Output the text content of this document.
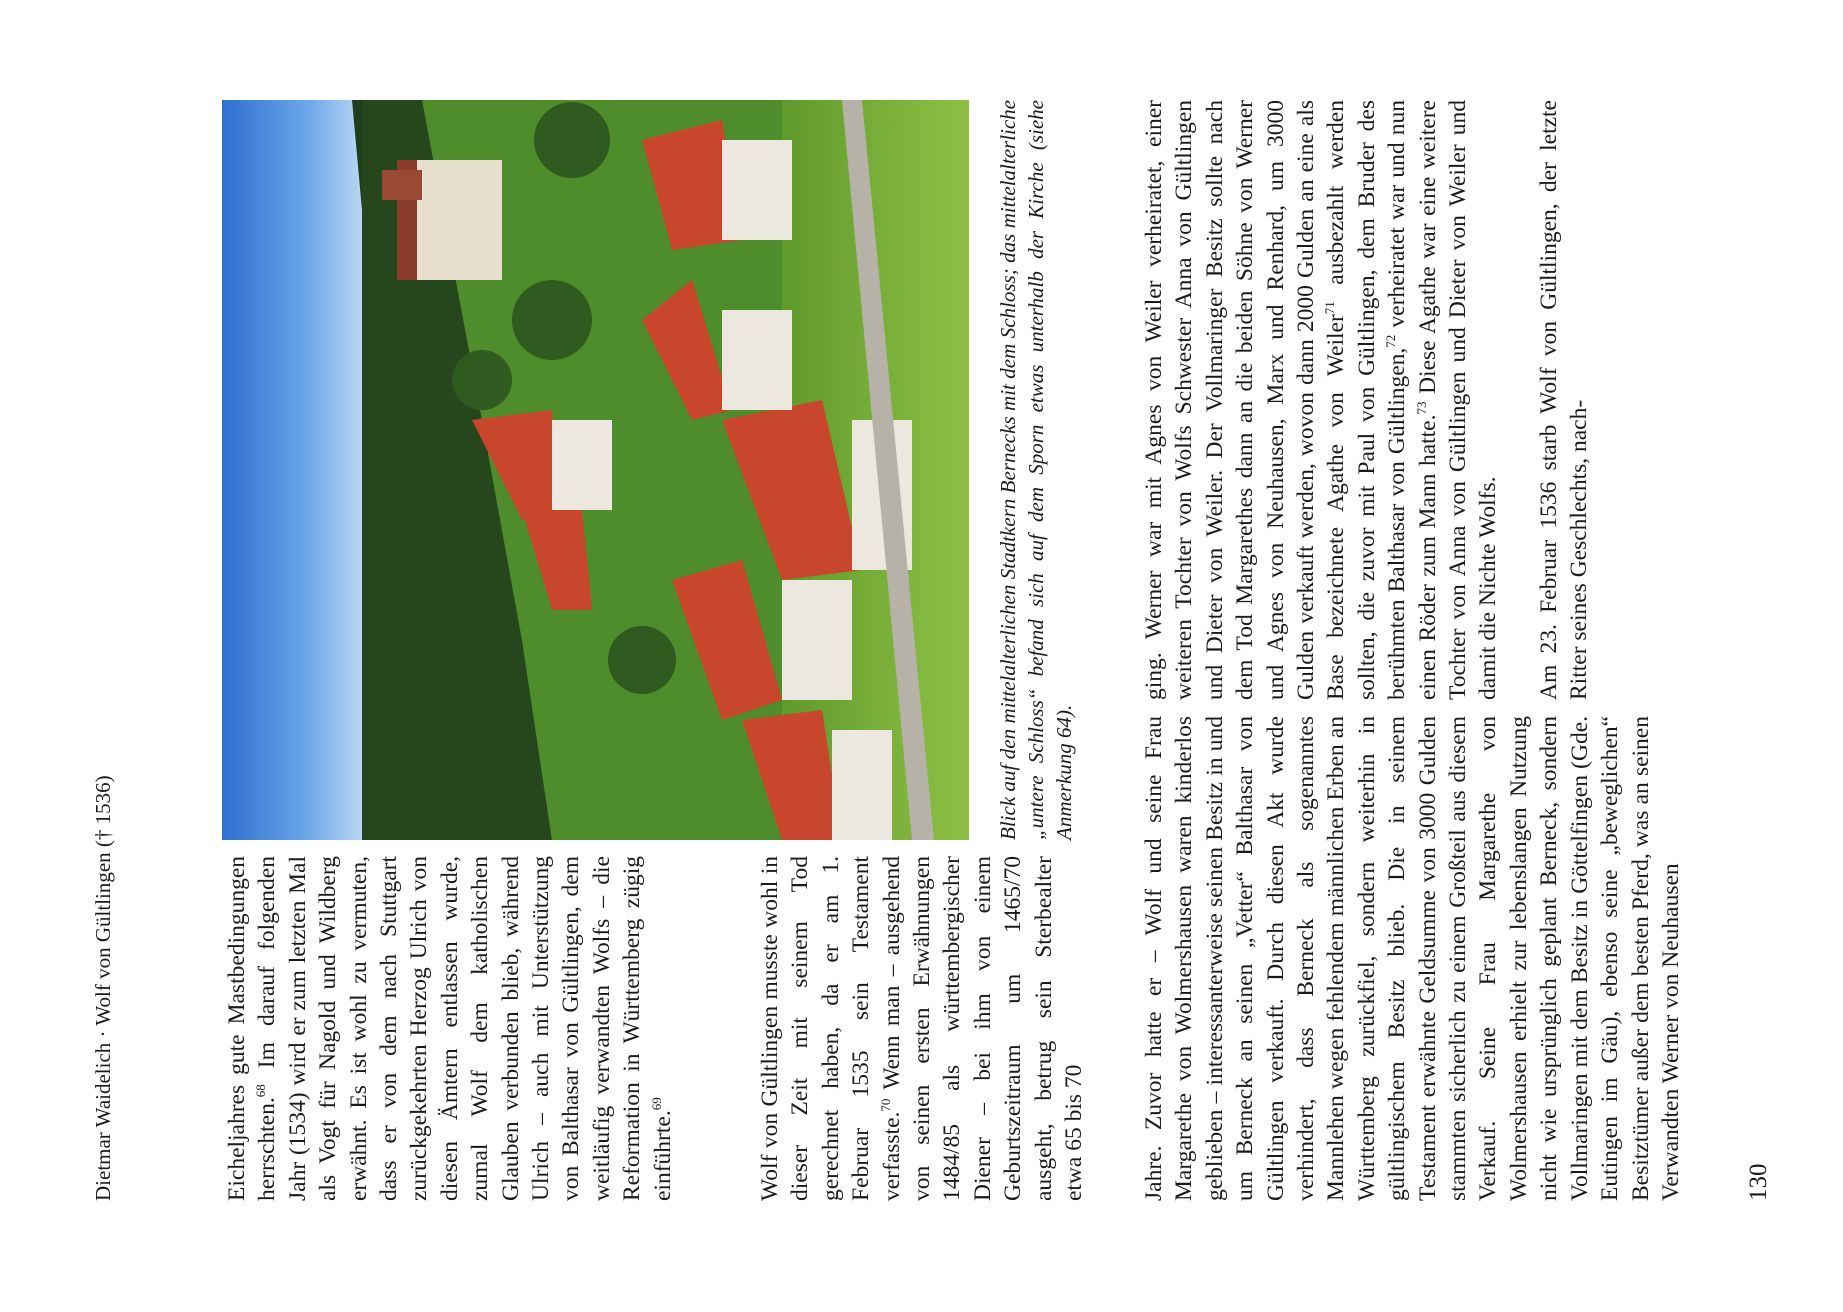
Dietmar Waidelich · Wolf von Gültlingen († 1536)	Eicheljahres gute Mastbedingungen herrschten.$^{68}$ Im darauf folgenden Jahr (1534) wird er zum letzten Mal als Vogt für Nagold und Wildberg erwähnt. Es ist wohl zu vermuten, dass er von dem nach Stuttgart zurückgekehrten Herzog Ulrich von diesen Ämtern entlassen wurde, zumal Wolf dem katholischen Glauben verbunden blieb, während Ulrich – auch mit Unterstützung von Balthasar von Gültlingen, dem weitläufig verwandten Wolfs – die Reformation in Württemberg zügig einführte.$^{69}$	Wolf von Gültlingen musste wohl in dieser Zeit mit seinem Tod gerechnet haben, da er am 1. Februar 1535 sein Testament verfasste.$^{70}$ Wenn man – ausgehend von seinen ersten Erwähnungen 1484/85 als württembergischer Diener – bei ihm von einem Geburtszeitraum um 1465/70 ausgeht, betrug sein Sterbealter etwa 65 bis 70

Blick auf den mittelalterlichen Stadtkern Bernecks mit dem Schloss; das mittelalterliche „untere Schloss“ befand sich auf dem Sporn etwas unterhalb der Kirche (siehe Anmerkung 64).	Jahre. Zuvor hatte er – Wolf und seine Frau Margarethe von Wolmershausen waren kinderlos geblieben – interessanterweise seinen Besitz in und um Berneck an seinen „Vetter“ Balthasar von Gültlingen verkauft. Durch diesen Akt wurde verhindert, dass Berneck als sogenanntes Mannlehen wegen fehlendem männlichen Erben an Württemberg zurückfiel, sondern weiterhin in gültlingischem Besitz blieb. Die in seinem Testament erwähnte Geldsumme von 3000 Gulden stammten sicherlich zu einem Großteil aus diesem Verkauf. Seine Frau Margarethe von Wolmershausen erhielt zur lebenslangen Nutzung nicht wie ursprünglich geplant Berneck, sondern Vollmaringen mit dem Besitz in Göttelfingen (Gde. Eutingen im Gäu), ebenso seine „beweglichen“ Besitztümer außer dem besten Pferd, was an seinen Verwandten Werner von Neuhausen

ging. Werner war mit Agnes von Weiler verheiratet, einer weiteren Tochter von Wolfs Schwester Anna von Gültlingen und Dieter von Weiler. Der Vollmaringer Besitz sollte nach dem Tod Margarethes dann an die beiden Söhne von Werner und Agnes von Neuhausen, Marx und Renhard, um 3000 Gulden verkauft werden, wovon dann 2000 Gulden an eine als Base bezeichnete Agathe von Weiler$^{71}$ ausbezahlt werden sollten, die zuvor mit Paul von Gültlingen, dem Bruder des berühmten Balthasar von Gültlingen,$^{72}$ verheiratet war und nun einen Röder zum Mann hatte.$^{73}$ Diese Agathe war eine weitere Tochter von Anna von Gültlingen und Dieter von Weiler und damit die Nichte Wolfs. Am 23. Februar 1536 starb Wolf von Gültlingen, der letzte Ritter seines Geschlechts, nach-

130
